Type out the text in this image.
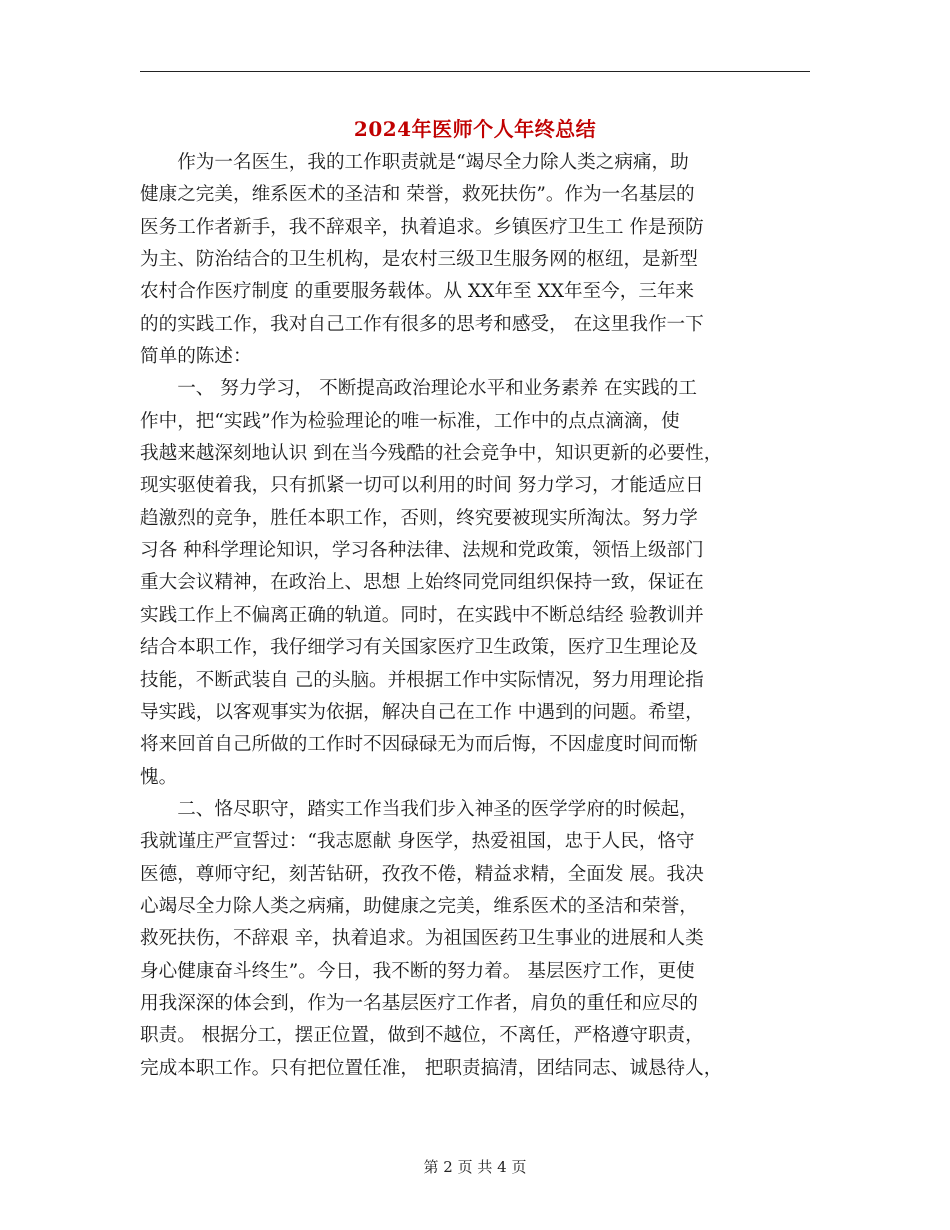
2024年医师个人年终总结
　　作为一名医生，我的工作职责就是“竭尽全力除人类之病痛，助
健康之完美，维系医术的圣洁和 荣誉，救死扶伤”。作为一名基层的
医务工作者新手，我不辞艰辛，执着追求。乡镇医疗卫生工 作是预防
为主、防治结合的卫生机构，是农村三级卫生服务网的枢纽，是新型
农村合作医疗制度 的重要服务载体。从 XX年至 XX年至今，三年来
的的实践工作，我对自己工作有很多的思考和感受， 在这里我作一下
简单的陈述：
　　一、 努力学习， 不断提高政治理论水平和业务素养 在实践的工
作中，把“实践”作为检验理论的唯一标准，工作中的点点滴滴，使
我越来越深刻地认识 到在当今残酷的社会竞争中，知识更新的必要性，
现实驱使着我，只有抓紧一切可以利用的时间 努力学习，才能适应日
趋激烈的竞争，胜任本职工作，否则，终究要被现实所淘汰。努力学
习各 种科学理论知识，学习各种法律、法规和党政策，领悟上级部门
重大会议精神，在政治上、思想 上始终同党同组织保持一致，保证在
实践工作上不偏离正确的轨道。同时，在实践中不断总结经 验教训并
结合本职工作，我仔细学习有关国家医疗卫生政策，医疗卫生理论及
技能，不断武装自 己的头脑。并根据工作中实际情况，努力用理论指
导实践，以客观事实为依据，解决自己在工作 中遇到的问题。希望，
将来回首自己所做的工作时不因碌碌无为而后悔，不因虚度时间而惭
愧。
　　二、恪尽职守，踏实工作当我们步入神圣的医学学府的时候起，
我就谨庄严宣誓过：“我志愿献 身医学，热爱祖国，忠于人民，恪守
医德，尊师守纪，刻苦钻研，孜孜不倦，精益求精，全面发 展。我决
心竭尽全力除人类之病痛，助健康之完美，维系医术的圣洁和荣誉，
救死扶伤，不辞艰 辛，执着追求。为祖国医药卫生事业的进展和人类
身心健康奋斗终生”。今日，我不断的努力着。 基层医疗工作，更使
用我深深的体会到，作为一名基层医疗工作者，肩负的重任和应尽的
职责。 根据分工，摆正位置，做到不越位，不离任，严格遵守职责，
完成本职工作。只有把位置任准， 把职责搞清，团结同志、诚恳待人，
第 2 页 共 4 页
